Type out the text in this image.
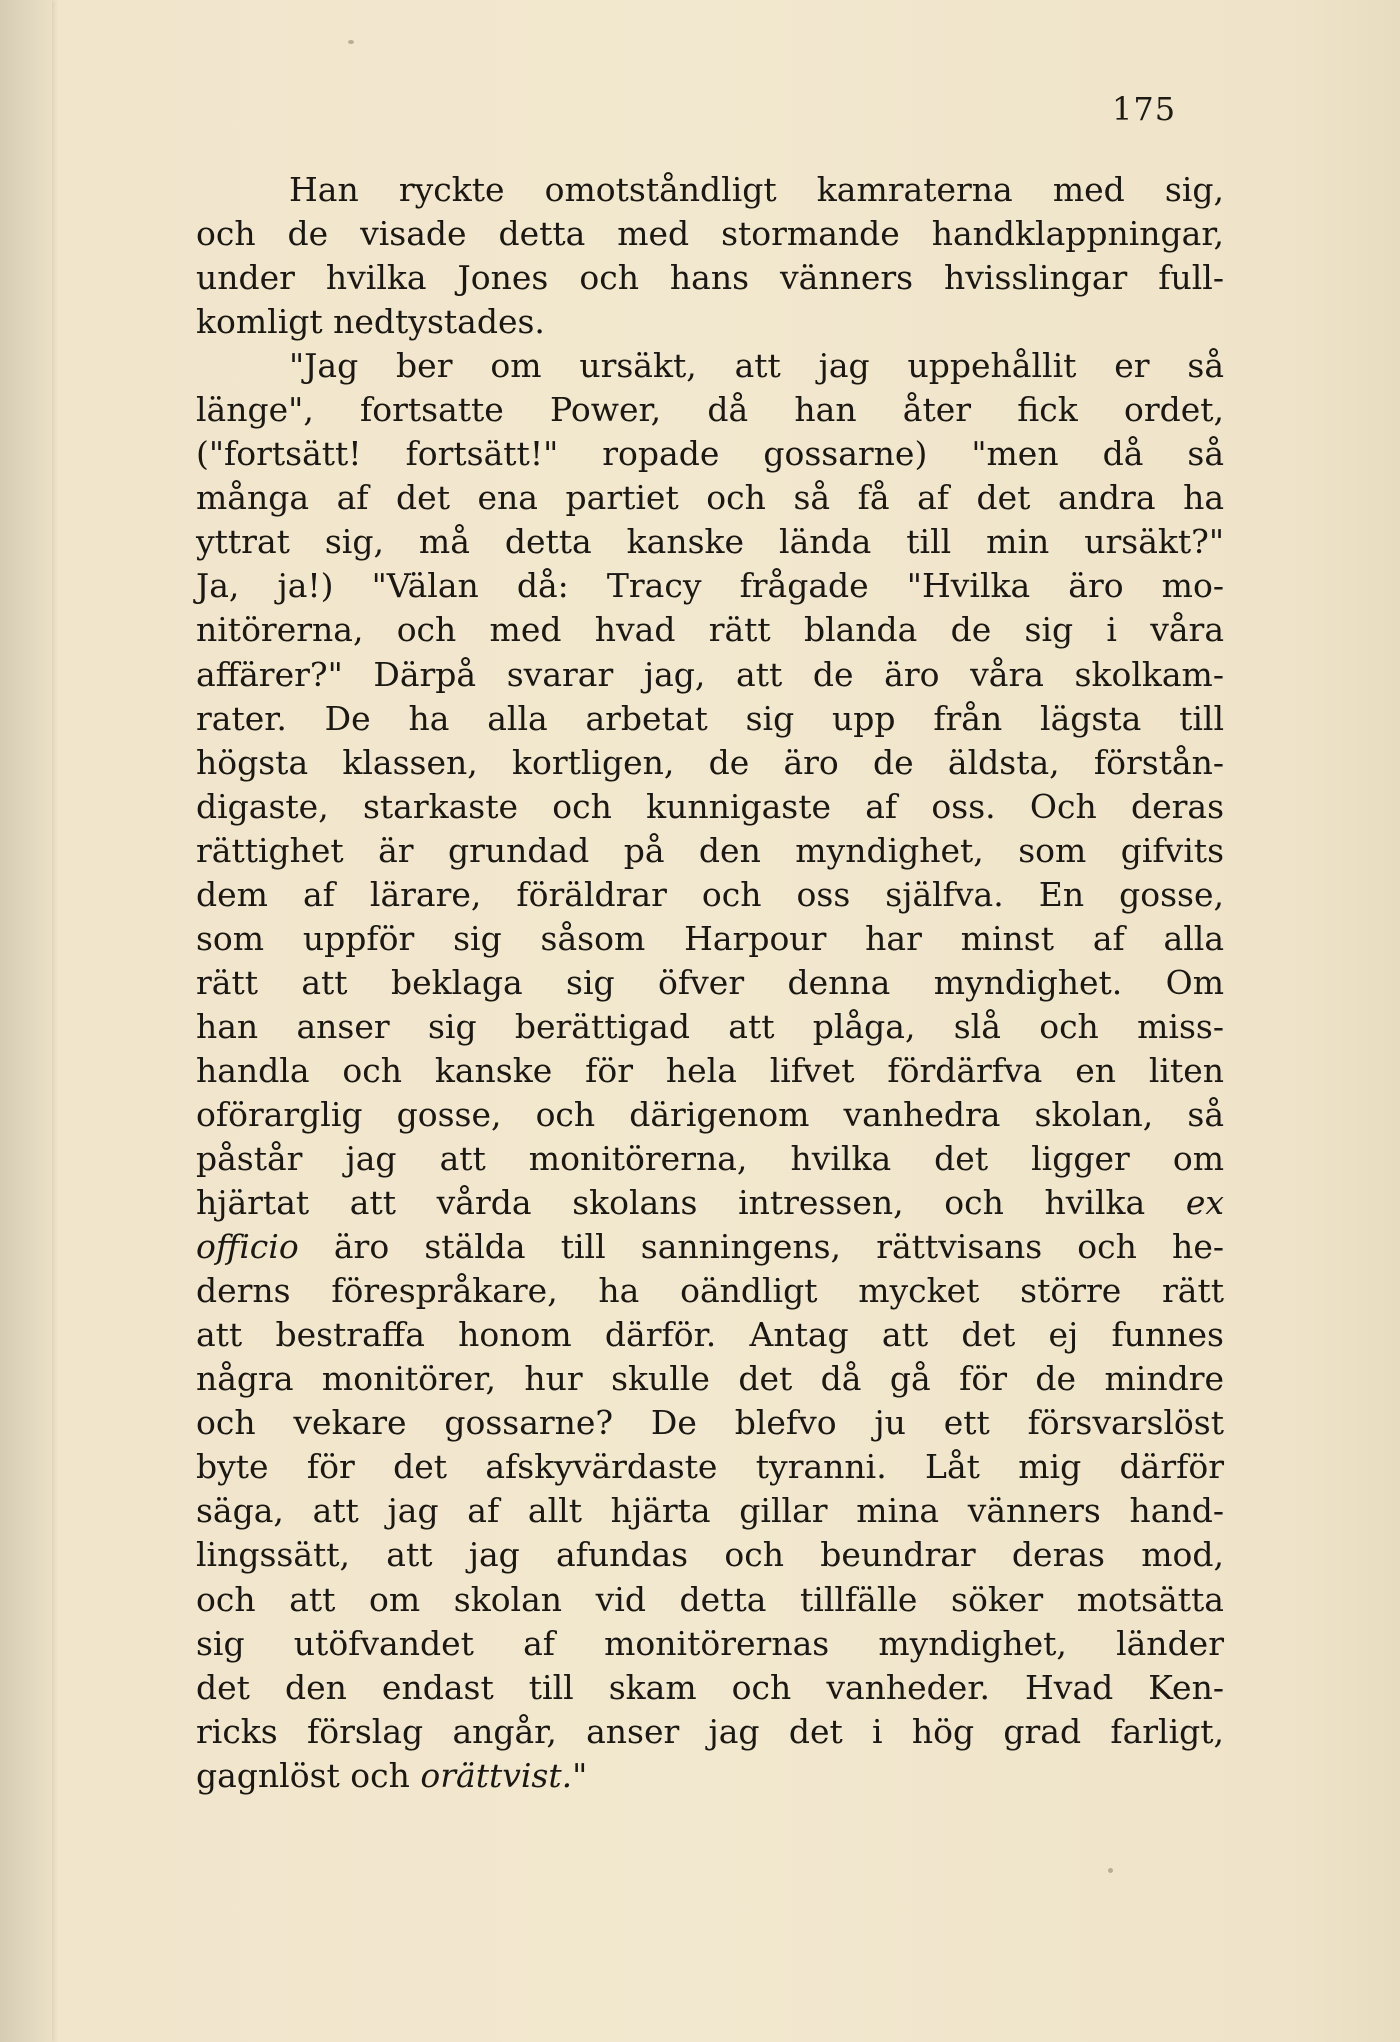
175
Han ryckte omotståndligt kamraterna med sig,
och de visade detta med stormande handklappningar,
under hvilka Jones och hans vänners hvisslingar full-
komligt nedtystades.
"Jag ber om ursäkt, att jag uppehållit er så
länge", fortsatte Power, då han åter fick ordet,
("fortsätt! fortsätt!" ropade gossarne) "men då så
många af det ena partiet och så få af det andra ha
yttrat sig, må detta kanske lända till min ursäkt?"
Ja, ja!) "Välan då: Tracy frågade "Hvilka äro mo-
nitörerna, och med hvad rätt blanda de sig i våra
affärer?" Därpå svarar jag, att de äro våra skolkam-
rater. De ha alla arbetat sig upp från lägsta till
högsta klassen, kortligen, de äro de äldsta, förstån-
digaste, starkaste och kunnigaste af oss. Och deras
rättighet är grundad på den myndighet, som gifvits
dem af lärare, föräldrar och oss själfva. En gosse,
som uppför sig såsom Harpour har minst af alla
rätt att beklaga sig öfver denna myndighet. Om
han anser sig berättigad att plåga, slå och miss-
handla och kanske för hela lifvet fördärfva en liten
oförarglig gosse, och därigenom vanhedra skolan, så
påstår jag att monitörerna, hvilka det ligger om
hjärtat att vårda skolans intressen, och hvilka ex
officio äro stälda till sanningens, rättvisans och he-
derns förespråkare, ha oändligt mycket större rätt
att bestraffa honom därför. Antag att det ej funnes
några monitörer, hur skulle det då gå för de mindre
och vekare gossarne? De blefvo ju ett försvarslöst
byte för det afskyvärdaste tyranni. Låt mig därför
säga, att jag af allt hjärta gillar mina vänners hand-
lingssätt, att jag afundas och beundrar deras mod,
och att om skolan vid detta tillfälle söker motsätta
sig utöfvandet af monitörernas myndighet, länder
det den endast till skam och vanheder. Hvad Ken-
ricks förslag angår, anser jag det i hög grad farligt,
gagnlöst och orättvist."
